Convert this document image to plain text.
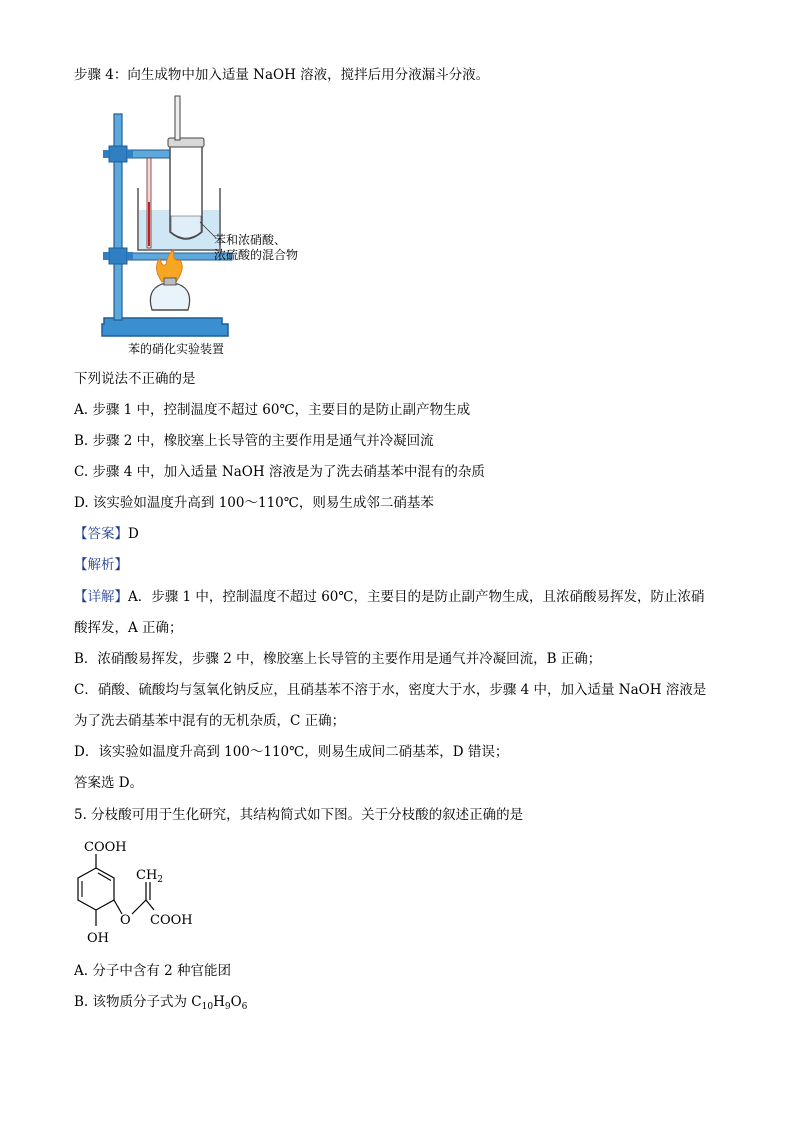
步骤 4：向生成物中加入适量 NaOH 溶液，搅拌后用分液漏斗分液。
苯和浓硝酸、
浓硫酸的混合物
苯的硝化实验装置
下列说法不正确的是
A. 步骤 1 中，控制温度不超过 60℃，主要目的是防止副产物生成
B. 步骤 2 中，橡胶塞上长导管的主要作用是通气并冷凝回流
C. 步骤 4 中，加入适量 NaOH 溶液是为了洗去硝基苯中混有的杂质
D. 该实验如温度升高到 100～110℃，则易生成邻二硝基苯
【答案】D
【解析】
【详解】A．步骤 1 中，控制温度不超过 60℃，主要目的是防止副产物生成，且浓硝酸易挥发，防止浓硝
酸挥发，A 正确；
B．浓硝酸易挥发，步骤 2 中，橡胶塞上长导管的主要作用是通气并冷凝回流，B 正确；
C．硝酸、硫酸均与氢氧化钠反应，且硝基苯不溶于水，密度大于水，步骤 4 中，加入适量 NaOH 溶液是
为了洗去硝基苯中混有的无机杂质，C 正确；
D．该实验如温度升高到 100～110℃，则易生成间二硝基苯，D 错误；
答案选 D。
5. 分枝酸可用于生化研究，其结构简式如下图。关于分枝酸的叙述正确的是
COOH
OH
O
$CH_2$
COOH
A. 分子中含有 2 种官能团
B. 该物质分子式为 $C_{10}H_9O_6$
